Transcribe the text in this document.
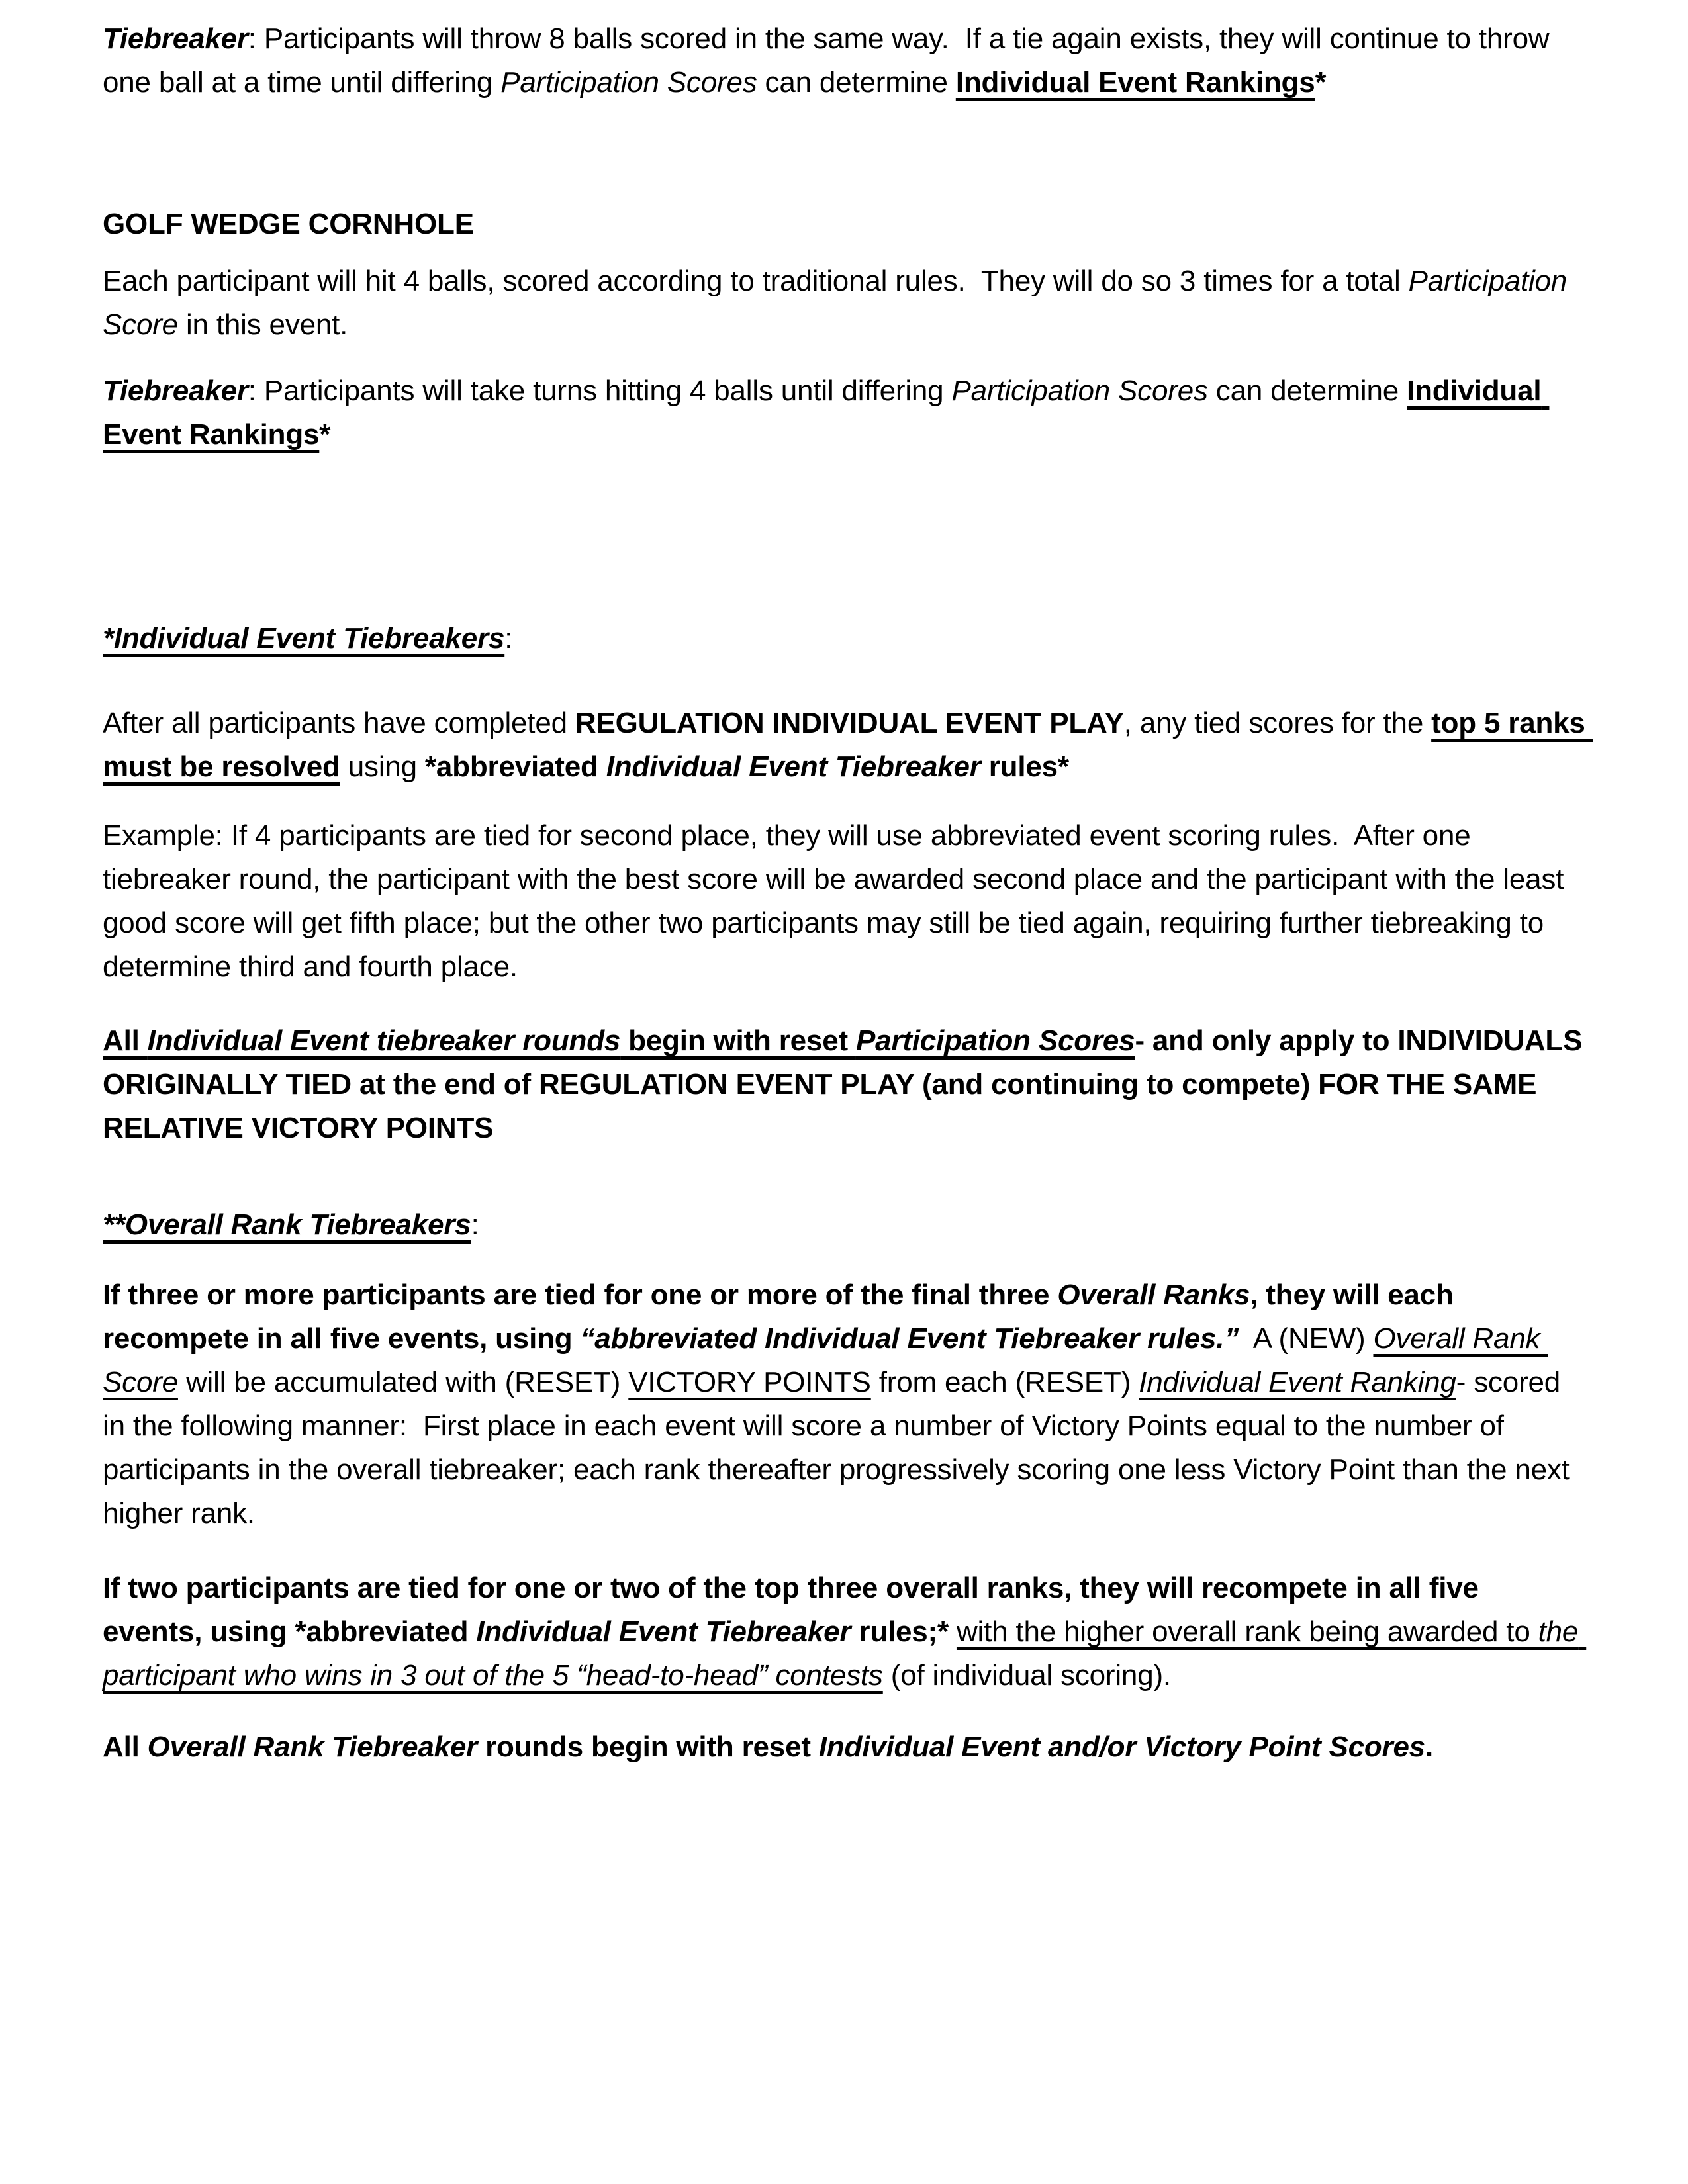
Tiebreaker: Participants will throw 8 balls scored in the same way.  If a tie again exists, they will continue to throw one ball at a time until differing Participation Scores can determine Individual Event Rankings*
GOLF WEDGE CORNHOLE
Each participant will hit 4 balls, scored according to traditional rules.  They will do so 3 times for a total Participation Score in this event.
Tiebreaker: Participants will take turns hitting 4 balls until differing Participation Scores can determine Individual Event Rankings*
*Individual Event Tiebreakers:
After all participants have completed REGULATION INDIVIDUAL EVENT PLAY, any tied scores for the top 5 ranks must be resolved using *abbreviated Individual Event Tiebreaker rules*
Example: If 4 participants are tied for second place, they will use abbreviated event scoring rules.  After one tiebreaker round, the participant with the best score will be awarded second place and the participant with the least good score will get fifth place; but the other two participants may still be tied again, requiring further tiebreaking to determine third and fourth place.
All Individual Event tiebreaker rounds begin with reset Participation Scores- and only apply to INDIVIDUALS ORIGINALLY TIED at the end of REGULATION EVENT PLAY (and continuing to compete) FOR THE SAME RELATIVE VICTORY POINTS
**Overall Rank Tiebreakers:
If three or more participants are tied for one or more of the final three Overall Ranks, they will each recompete in all five events, using “abbreviated Individual Event Tiebreaker rules.”  A (NEW) Overall Rank Score will be accumulated with (RESET) VICTORY POINTS from each (RESET) Individual Event Ranking- scored in the following manner:  First place in each event will score a number of Victory Points equal to the number of participants in the overall tiebreaker; each rank thereafter progressively scoring one less Victory Point than the next higher rank.
If two participants are tied for one or two of the top three overall ranks, they will recompete in all five events, using *abbreviated Individual Event Tiebreaker rules;* with the higher overall rank being awarded to the participant who wins in 3 out of the 5 “head-to-head” contests (of individual scoring).
All Overall Rank Tiebreaker rounds begin with reset Individual Event and/or Victory Point Scores.
